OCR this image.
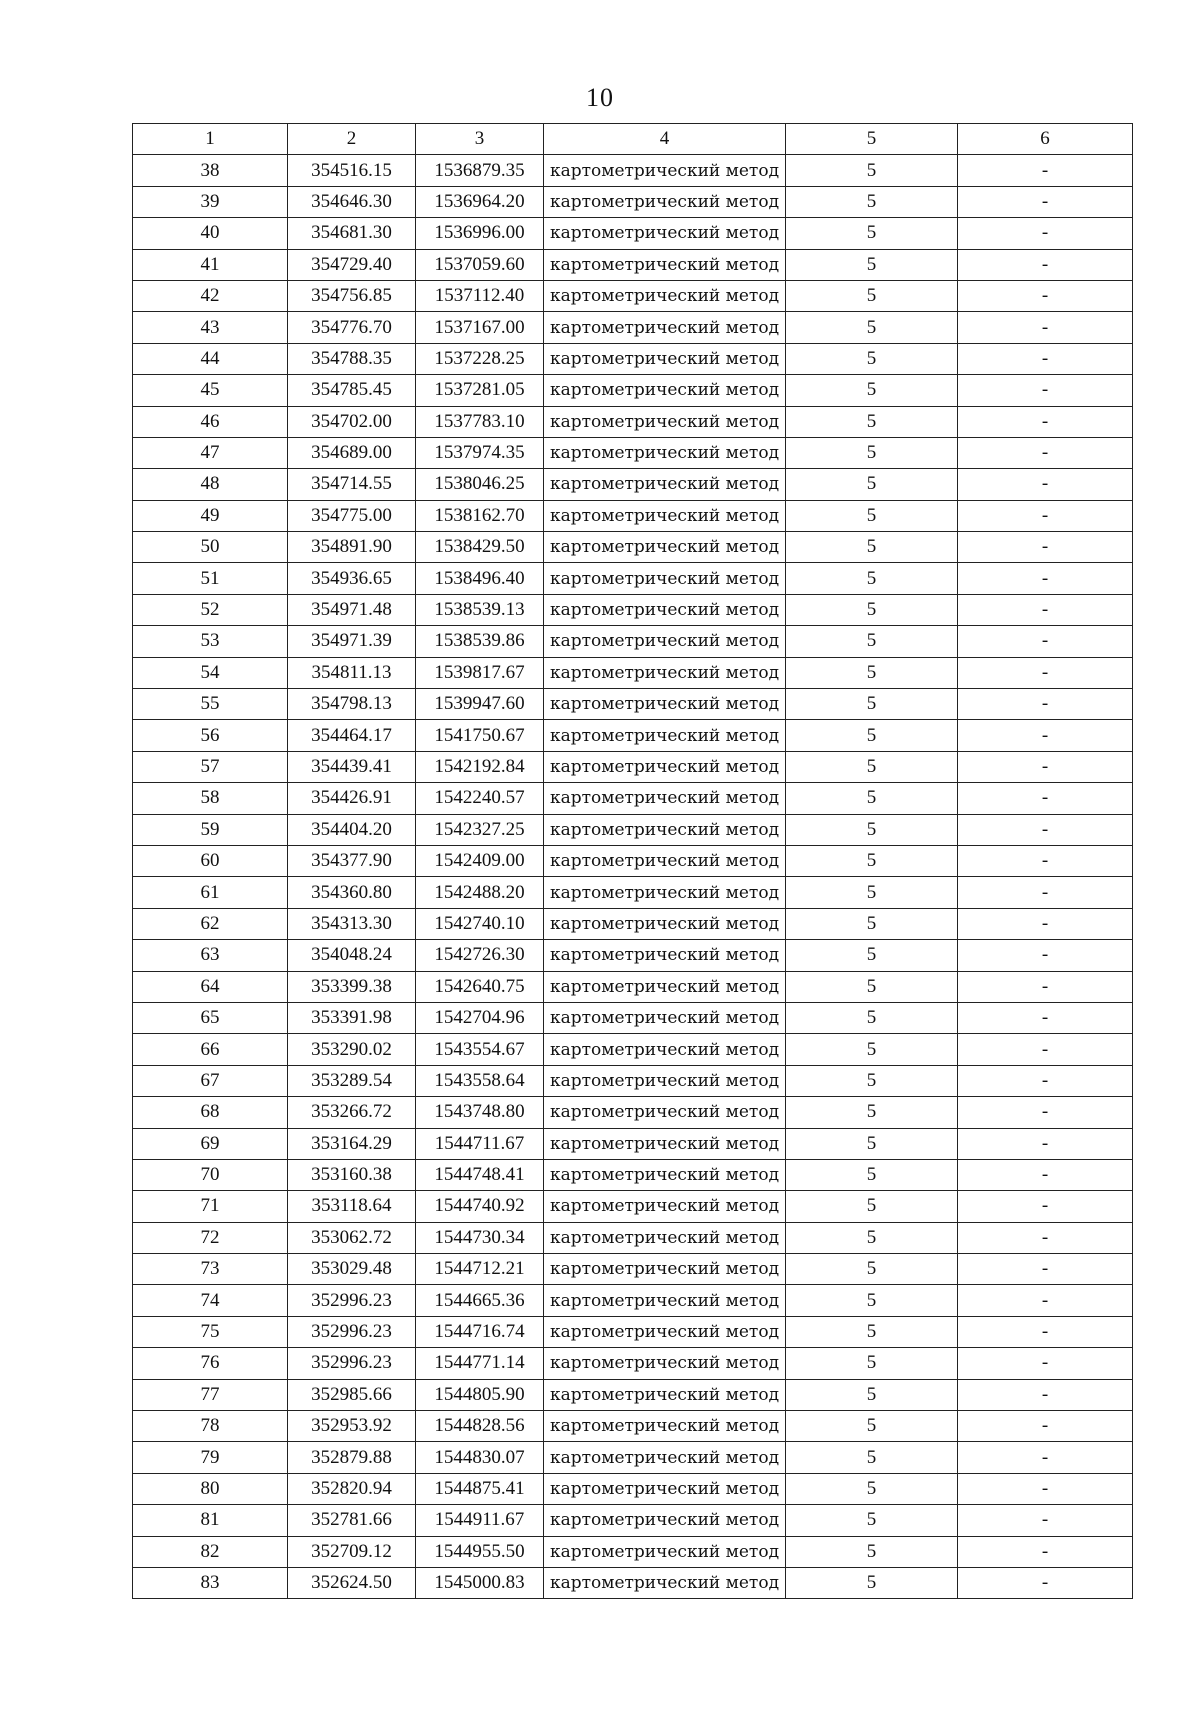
10
1	2	3	4	5	6
38	354516.15	1536879.35	картометрический метод	5	-
39	354646.30	1536964.20	картометрический метод	5	-
40	354681.30	1536996.00	картометрический метод	5	-
41	354729.40	1537059.60	картометрический метод	5	-
42	354756.85	1537112.40	картометрический метод	5	-
43	354776.70	1537167.00	картометрический метод	5	-
44	354788.35	1537228.25	картометрический метод	5	-
45	354785.45	1537281.05	картометрический метод	5	-
46	354702.00	1537783.10	картометрический метод	5	-
47	354689.00	1537974.35	картометрический метод	5	-
48	354714.55	1538046.25	картометрический метод	5	-
49	354775.00	1538162.70	картометрический метод	5	-
50	354891.90	1538429.50	картометрический метод	5	-
51	354936.65	1538496.40	картометрический метод	5	-
52	354971.48	1538539.13	картометрический метод	5	-
53	354971.39	1538539.86	картометрический метод	5	-
54	354811.13	1539817.67	картометрический метод	5	-
55	354798.13	1539947.60	картометрический метод	5	-
56	354464.17	1541750.67	картометрический метод	5	-
57	354439.41	1542192.84	картометрический метод	5	-
58	354426.91	1542240.57	картометрический метод	5	-
59	354404.20	1542327.25	картометрический метод	5	-
60	354377.90	1542409.00	картометрический метод	5	-
61	354360.80	1542488.20	картометрический метод	5	-
62	354313.30	1542740.10	картометрический метод	5	-
63	354048.24	1542726.30	картометрический метод	5	-
64	353399.38	1542640.75	картометрический метод	5	-
65	353391.98	1542704.96	картометрический метод	5	-
66	353290.02	1543554.67	картометрический метод	5	-
67	353289.54	1543558.64	картометрический метод	5	-
68	353266.72	1543748.80	картометрический метод	5	-
69	353164.29	1544711.67	картометрический метод	5	-
70	353160.38	1544748.41	картометрический метод	5	-
71	353118.64	1544740.92	картометрический метод	5	-
72	353062.72	1544730.34	картометрический метод	5	-
73	353029.48	1544712.21	картометрический метод	5	-
74	352996.23	1544665.36	картометрический метод	5	-
75	352996.23	1544716.74	картометрический метод	5	-
76	352996.23	1544771.14	картометрический метод	5	-
77	352985.66	1544805.90	картометрический метод	5	-
78	352953.92	1544828.56	картометрический метод	5	-
79	352879.88	1544830.07	картометрический метод	5	-
80	352820.94	1544875.41	картометрический метод	5	-
81	352781.66	1544911.67	картометрический метод	5	-
82	352709.12	1544955.50	картометрический метод	5	-
83	352624.50	1545000.83	картометрический метод	5	-
